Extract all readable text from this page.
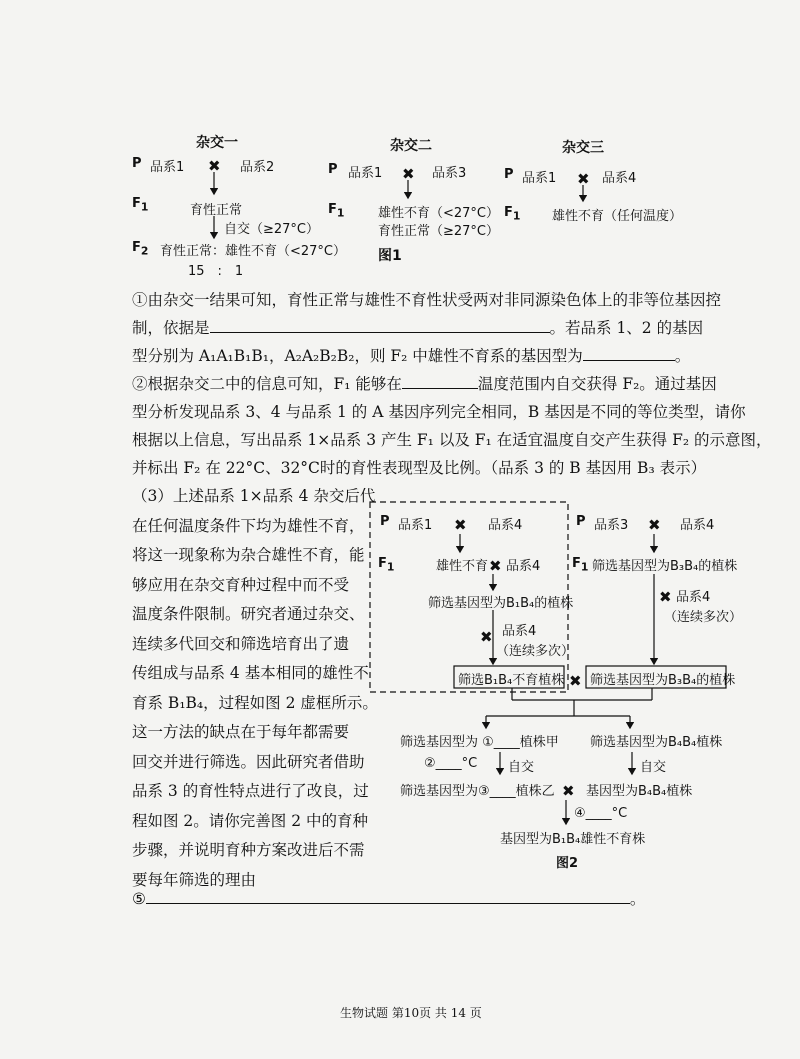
杂交一
P 品系1 ✖ 品系2
$F_1$	育性正常
自交（≥27°C）
$F_2$ 育性正常：雄性不育（<27°C）
15　:　1
杂交二
P 品系1 ✖ 品系3
$F_1$	雄性不育（<27°C）
育性正常（≥27°C）
杂交三
P 品系1 ✖ 品系4
$F_1$ 雄性不育（任何温度）
图1
①由杂交一结果可知，育性正常与雄性不育性状受两对非同源染色体上的非等位基因控
制，依据是	。若品系 1、2 的基因
型分别为 A₁A₁B₁B₁，A₂A₂B₂B₂，则 F₂ 中雄性不育系的基因型为	。
②根据杂交二中的信息可知，F₁ 能够在	温度范围内自交获得 F₂。通过基因
型分析发现品系 3、4 与品系 1 的 A 基因序列完全相同，B 基因是不同的等位类型，请你
根据以上信息，写出品系 1×品系 3 产生 F₁ 以及 F₁ 在适宜温度自交产生获得 F₂ 的示意图，
并标出 F₂ 在 22°C、32°C时的育性表现型及比例。（品系 3 的 B 基因用 B₃ 表示）
（3）上述品系 1×品系 4 杂交后代
在任何温度条件下均为雄性不育，
将这一现象称为杂合雄性不育，能
够应用在杂交育种过程中而不受
温度条件限制。研究者通过杂交、
连续多代回交和筛选培育出了遗
传组成与品系 4 基本相同的雄性不
育系 B₁B₄，过程如图 2 虚框所示。
这一方法的缺点在于每年都需要
回交并进行筛选。因此研究者借助
品系 3 的育性特点进行了改良，过
程如图 2。请你完善图 2 中的育种
步骤，并说明育种方案改进后不需
要每年筛选的理由
⑤	。
P 品系1 ✖ 品系4
$F_1$	雄性不育 ✖ 品系4
筛选基因型为B₁B₄的植株
✖ 品系4
（连续多次）
筛选B₁B₄不育植株
P 品系3 ✖ 品系4
$F_1$ 筛选基因型为B₃B₄的植株
✖ 品系4
（连续多次）
✖ 筛选基因型为B₃B₄的植株
筛选基因型为 ①____植株甲 筛选基因型为B₄B₄植株
②____°C 自交	自交
筛选基因型为③____植株乙 ✖ 基因型为B₄B₄植株
④____°C
基因型为B₁B₄雄性不育株
图2
生物试题 第10页 共 14 页
